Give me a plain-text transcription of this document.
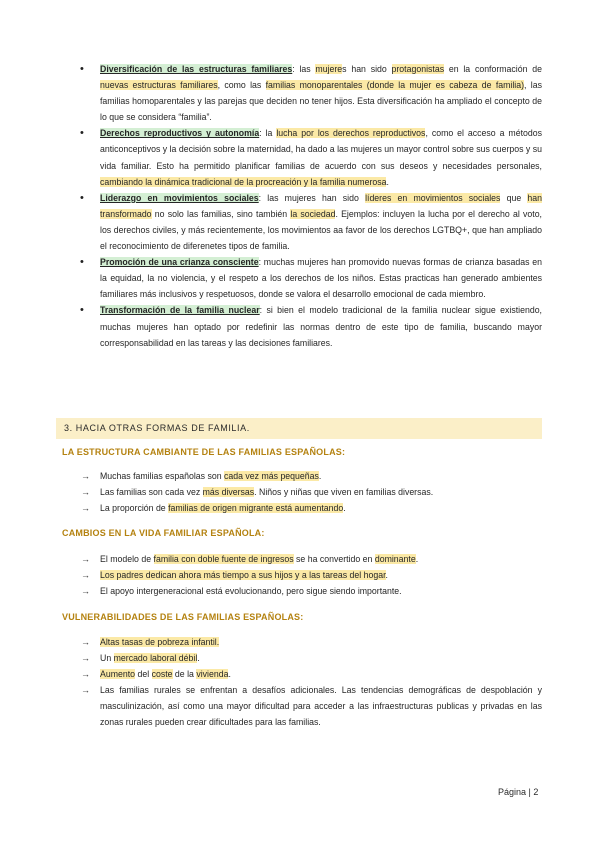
• Diversificación de las estructuras familiares: las mujeres han sido protagonistas en la conformación de nuevas estructuras familiares, como las familias monoparentales (donde la mujer es cabeza de familia), las familias homoparentales y las parejas que deciden no tener hijos. Esta diversificación ha ampliado el concepto de lo que se considera “familia”.
• Derechos reproductivos y autonomía: la lucha por los derechos reproductivos, como el acceso a métodos anticonceptivos y la decisión sobre la maternidad, ha dado a las mujeres un mayor control sobre sus cuerpos y su vida familiar. Esto ha permitido planificar familias de acuerdo con sus deseos y necesidades personales, cambiando la dinámica tradicional de la procreación y la familia numerosa.
• Liderazgo en movimientos sociales: las mujeres han sido líderes en movimientos sociales que han transformado no solo las familias, sino también la sociedad. Ejemplos: incluyen la lucha por el derecho al voto, los derechos civiles, y más recientemente, los movimientos aa favor de los derechos LGTBQ+, que han ampliado el reconocimiento de diferenetes tipos de familia.
• Promoción de una crianza consciente: muchas mujeres han promovido nuevas formas de crianza basadas en la equidad, la no violencia, y el respeto a los derechos de los niños. Estas practicas han generado ambientes familiares más inclusivos y respetuosos, donde se valora el desarrollo emocional de cada miembro.
• Transformación de la familia nuclear: si bien el modelo tradicional de la familia nuclear sigue existiendo, muchas mujeres han optado por redefinir las normas dentro de este tipo de familia, buscando mayor corresponsabilidad en las tareas y las decisiones familiares.
3. HACIA OTRAS FORMAS DE FAMILIA.
LA ESTRUCTURA CAMBIANTE DE LAS FAMILIAS ESPAÑOLAS:
→ Muchas familias españolas son cada vez más pequeñas.
→ Las familias son cada vez más diversas. Niños y niñas que viven en familias diversas.
→ La proporción de familias de origen migrante está aumentando.
CAMBIOS EN LA VIDA FAMILIAR ESPAÑOLA:
→ El modelo de familia con doble fuente de ingresos se ha convertido en dominante.
→ Los padres dedican ahora más tiempo a sus hijos y a las tareas del hogar.
→ El apoyo intergeneracional está evolucionando, pero sigue siendo importante.
VULNERABILIDADES DE LAS FAMILIAS ESPAÑOLAS:
→ Altas tasas de pobreza infantil.
→ Un mercado laboral débil.
→ Aumento del coste de la vivienda.
→ Las familias rurales se enfrentan a desafíos adicionales. Las tendencias demográficas de despoblación y masculinización, así como una mayor dificultad para acceder a las infraestructuras publicas y privadas en las zonas rurales pueden crear dificultades para las familias.
Página | 2
